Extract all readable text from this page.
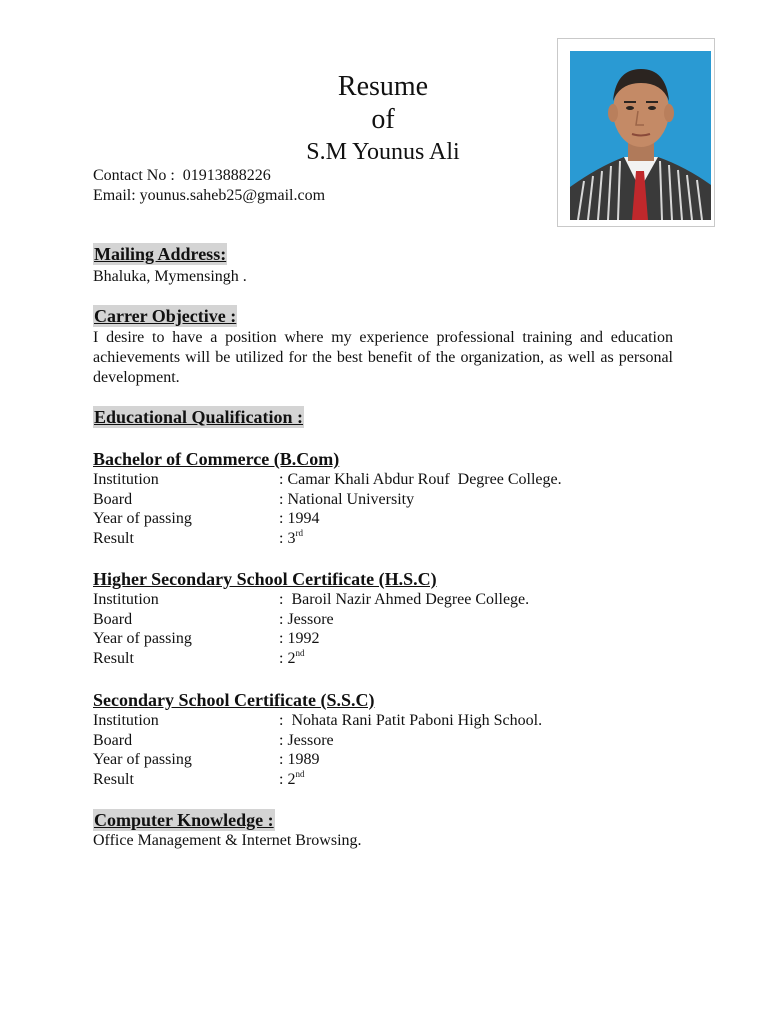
Resume
of
S.M Younus Ali
Contact No :  01913888226
Email: younus.saheb25@gmail.com
Mailing Address:
Bhaluka, Mymensingh .
Carrer Objective :
I desire to have a position where my experience professional training and education achievements will be utilized for the best benefit of the organization, as well as personal development.
Educational Qualification :
Bachelor of Commerce (B.Com)
Institution	: Camar Khali Abdur Rouf  Degree College.
Board	: National University
Year of passing	: 1994
Result	: 3rd
Higher Secondary School Certificate (H.S.C)
Institution	:  Baroil Nazir Ahmed Degree College.
Board	: Jessore
Year of passing	: 1992
Result	: 2nd
Secondary School Certificate (S.S.C)
Institution	:  Nohata Rani Patit Paboni High School.
Board	: Jessore
Year of passing	: 1989
Result	: 2nd
Computer Knowledge :
Office Management & Internet Browsing.
